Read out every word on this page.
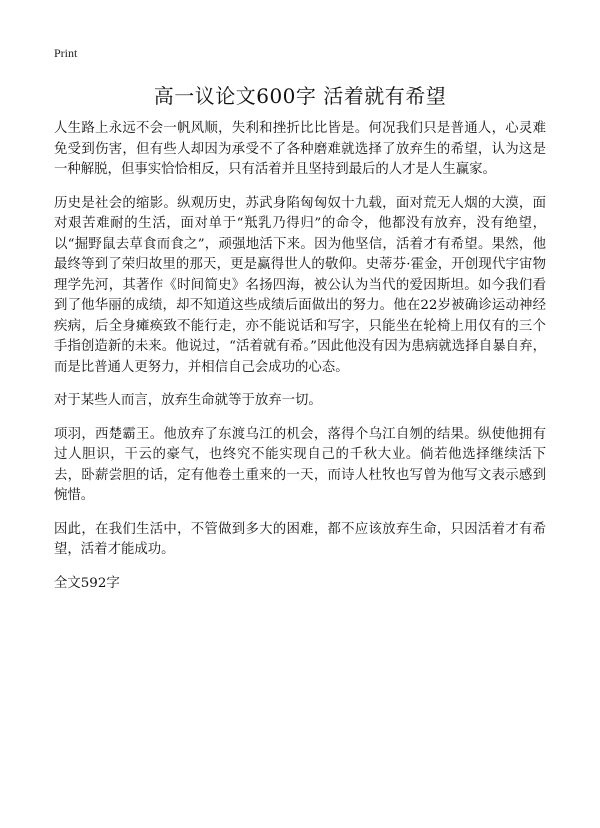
Print
高一议论文600字 活着就有希望

人生路上永远不会一帆风顺，失利和挫折比比皆是。何况我们只是普通人，心灵难免受到伤害，但有些人却因为承受不了各种磨难就选择了放弃生的希望，认为这是一种解脱，但事实恰恰相反，只有活着并且坚持到最后的人才是人生赢家。

历史是社会的缩影。纵观历史，苏武身陷匈匈奴十九载，面对荒无人烟的大漠，面对艰苦难耐的生活，面对单于“羝乳乃得归”的命令，他都没有放弃，没有绝望，以“掘野鼠去草食而食之”，顽强地活下来。因为他坚信，活着才有希望。果然，他最终等到了荣归故里的那天，更是赢得世人的敬仰。史蒂芬·霍金，开创现代宇宙物理学先河，其著作《时间简史》名扬四海，被公认为当代的爱因斯坦。如今我们看到了他华丽的成绩，却不知道这些成绩后面做出的努力。他在22岁被确诊运动神经疾病，后全身瘫痪致不能行走，亦不能说话和写字，只能坐在轮椅上用仅有的三个手指创造新的未来。他说过，“活着就有希。”因此他没有因为患病就选择自暴自弃，而是比普通人更努力，并相信自己会成功的心态。

对于某些人而言，放弃生命就等于放弃一切。

项羽，西楚霸王。他放弃了东渡乌江的机会，落得个乌江自刎的结果。纵使他拥有过人胆识，干云的豪气，也终究不能实现自己的千秋大业。倘若他选择继续活下去，卧薪尝胆的话，定有他卷土重来的一天，而诗人杜牧也写曾为他写文表示感到惋惜。

因此，在我们生活中，不管做到多大的困难，都不应该放弃生命，只因活着才有希望，活着才能成功。

全文592字
